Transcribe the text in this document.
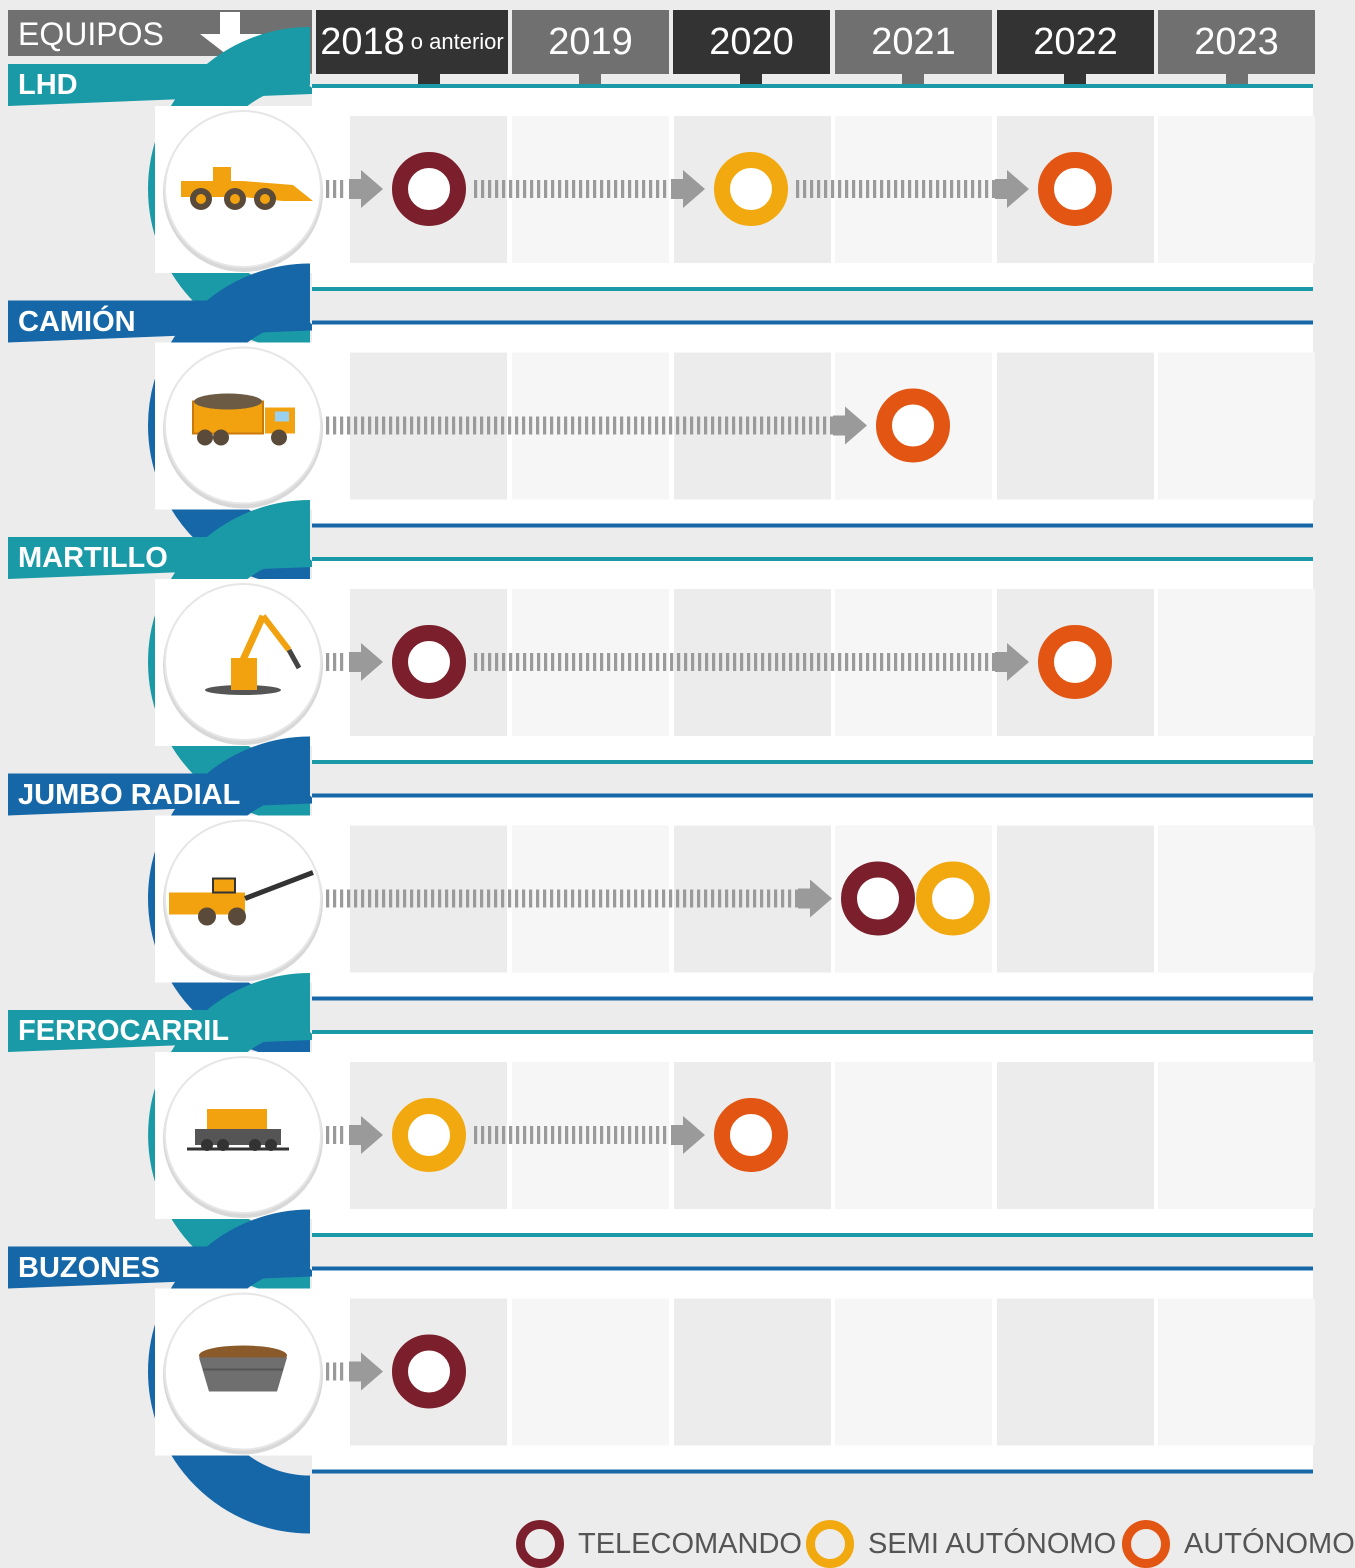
EQUIPOS	2018 o anterior 2019 2020 2021 2022 2023
LHD
CAMIÓN
MARTILLO
JUMBO RADIAL
FERROCARRIL
BUZONES
TELECOMANDO SEMI AUTÓNOMO AUTÓNOMO
